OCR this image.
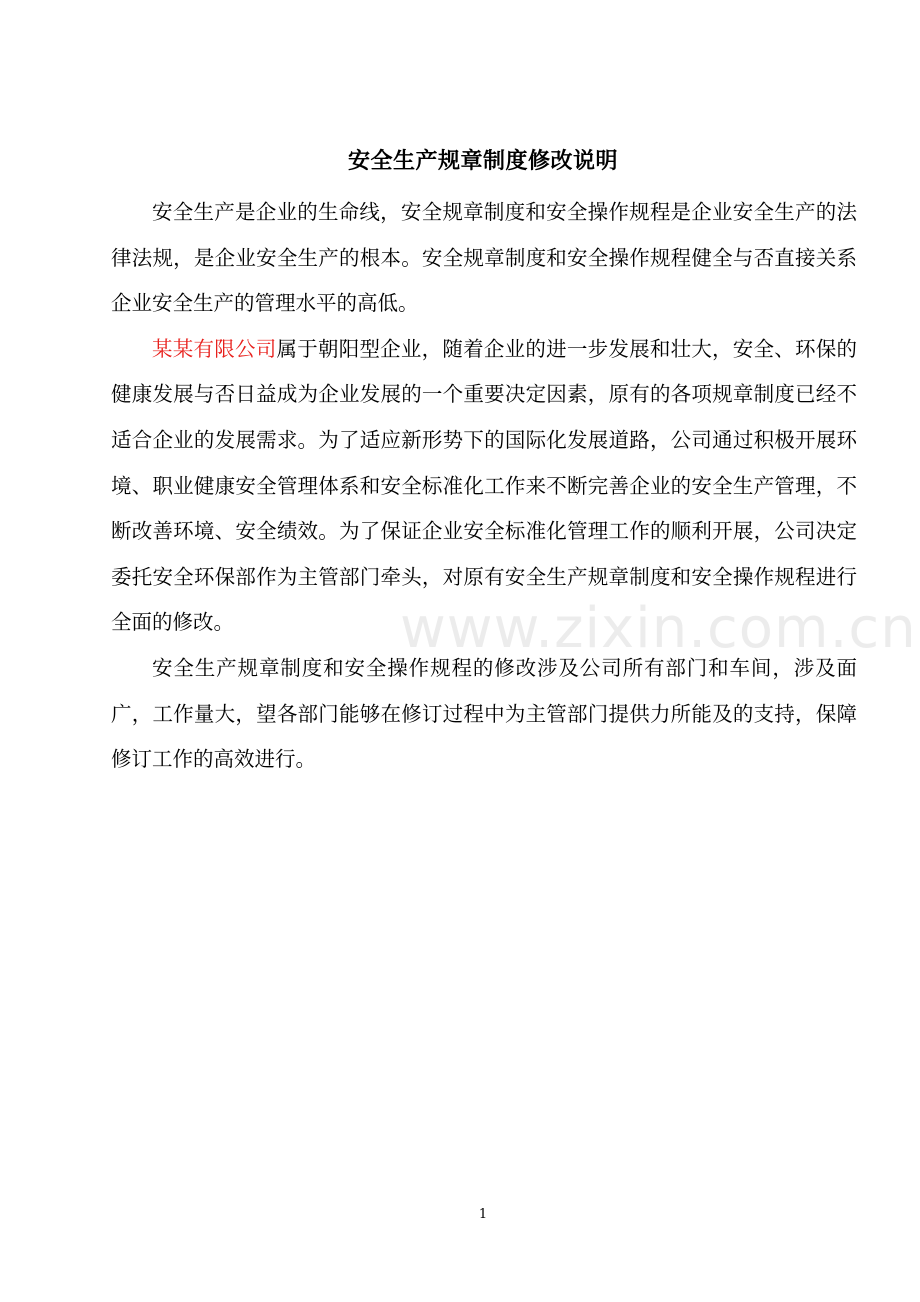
安全生产规章制度修改说明

安全生产是企业的生命线，安全规章制度和安全操作规程是企业安全生产的法律法规，是企业安全生产的根本。安全规章制度和安全操作规程健全与否直接关系企业安全生产的管理水平的高低。

某某有限公司属于朝阳型企业，随着企业的进一步发展和壮大，安全、环保的健康发展与否日益成为企业发展的一个重要决定因素，原有的各项规章制度已经不适合企业的发展需求。为了适应新形势下的国际化发展道路，公司通过积极开展环境、职业健康安全管理体系和安全标准化工作来不断完善企业的安全生产管理，不断改善环境、安全绩效。为了保证企业安全标准化管理工作的顺利开展，公司决定委托安全环保部作为主管部门牵头，对原有安全生产规章制度和安全操作规程进行全面的修改。

安全生产规章制度和安全操作规程的修改涉及公司所有部门和车间，涉及面广，工作量大，望各部门能够在修订过程中为主管部门提供力所能及的支持，保障修订工作的高效进行。

www.zixin.com.cn
1
